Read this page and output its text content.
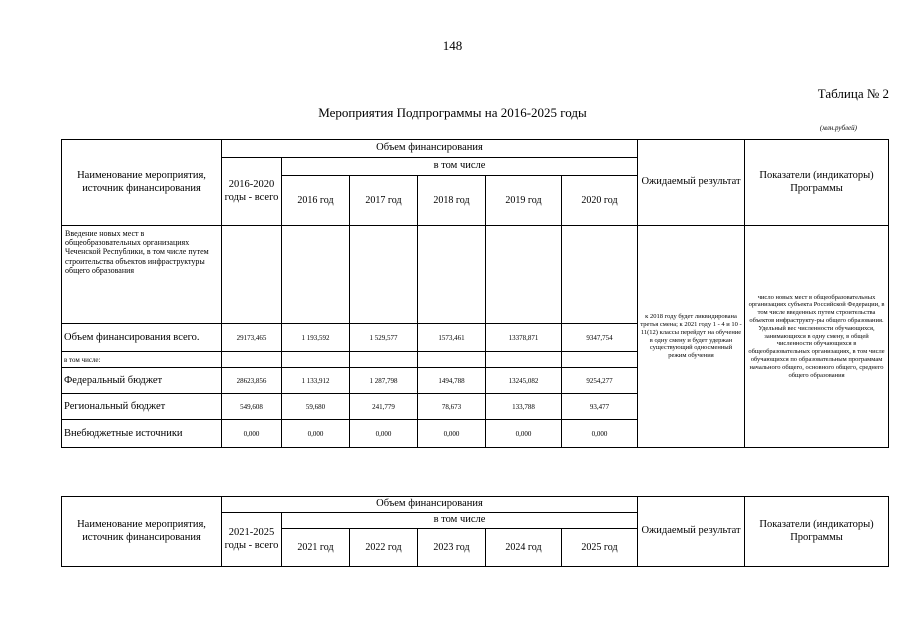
148
Таблица № 2
Мероприятия Подпрограммы на 2016-2025 годы
(млн.рублей)
Наименование мероприятия, источник финансирования	Объем финансирования						Ожидаемый результат	Показатели (индикаторы) Программы
	2016-2020 годы - всего	в том числе						
		2016 год	2017 год	2018 год	2019 год	2020 год		
Введение новых мест в общеобразовательных организациях Чеченской Республики, в том числе путем строительства объектов инфраструктуры общего образования							к 2018 году будет ликвидирована третья смена; к 2021 году 1 - 4 и 10 - 11(12) классы перейдут на обучение в одну смену и будет удержан существующий односменный режим обучения	число новых мест в общеобразовательных организациях субъекта Российской Федерации, в том числе введенных путем строительства объектов инфраструкту-ры общего образования. Удельный вес численности обучающихся, занимающихся в одну смену, в общей численности обучающихся в общеобразовательных организациях, в том числе обучающихся по образовательным программам начального общего, основного общего, среднего общего образования
Объем финансирования всего.	29173,465	1 193,592	1 529,577	1573,461	13378,871	9347,754		
в том числе:								
Федеральный бюджет	28623,856	1 133,912	1 287,798	1494,788	13245,082	9254,277		
Региональный бюджет	549,608	59,680	241,779	78,673	133,788	93,477		
Внебюджетные источники	0,000	0,000	0,000	0,000	0,000	0,000		
Наименование мероприятия, источник финансирования	Объем финансирования						Ожидаемый результат	Показатели (индикаторы) Программы
	2021-2025 годы - всего	в том числе						
		2021 год	2022 год	2023 год	2024 год	2025 год		
